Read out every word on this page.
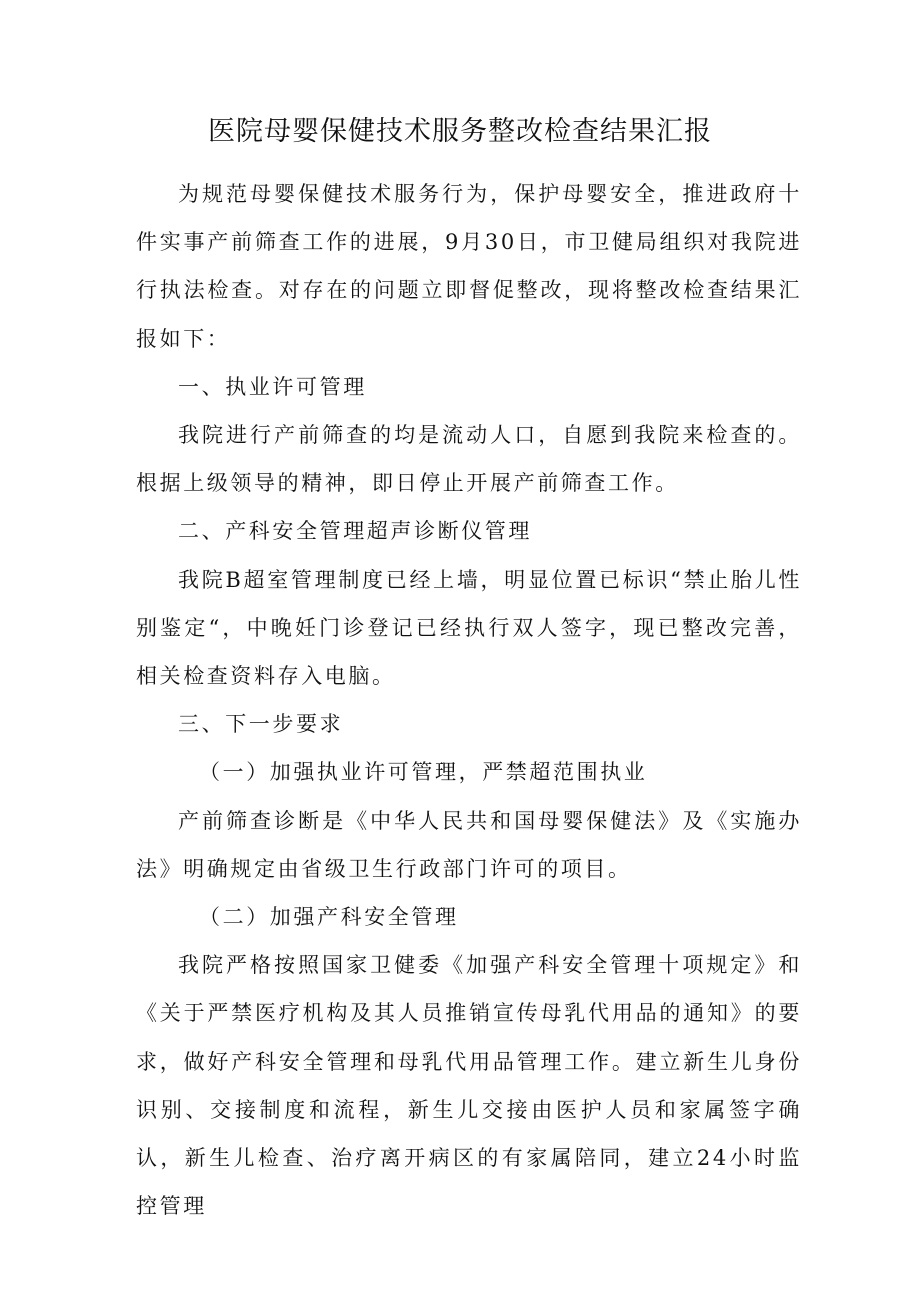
医院母婴保健技术服务整改检查结果汇报

为规范母婴保健技术服务行为，保护母婴安全，推进政府十件实事产前筛查工作的进展，9月30日，市卫健局组织对我院进行执法检查。对存在的问题立即督促整改，现将整改检查结果汇报如下：

一、执业许可管理

我院进行产前筛查的均是流动人口，自愿到我院来检查的。根据上级领导的精神，即日停止开展产前筛查工作。

二、产科安全管理超声诊断仪管理

我院B超室管理制度已经上墙，明显位置已标识“禁止胎儿性别鉴定“，中晚妊门诊登记已经执行双人签字，现已整改完善，相关检查资料存入电脑。

三、下一步要求

（一）加强执业许可管理，严禁超范围执业

产前筛查诊断是《中华人民共和国母婴保健法》及《实施办法》明确规定由省级卫生行政部门许可的项目。

（二）加强产科安全管理

我院严格按照国家卫健委《加强产科安全管理十项规定》和《关于严禁医疗机构及其人员推销宣传母乳代用品的通知》的要求，做好产科安全管理和母乳代用品管理工作。建立新生儿身份识别、交接制度和流程，新生儿交接由医护人员和家属签字确认，新生儿检查、治疗离开病区的有家属陪同，建立24小时监控管理
